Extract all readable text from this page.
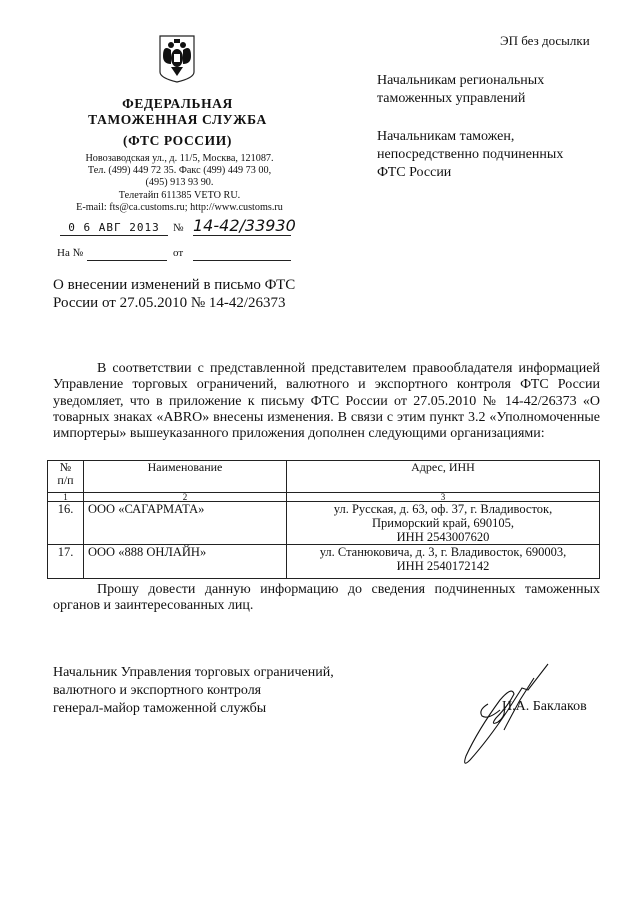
ФЕДЕРАЛЬНАЯ
ТАМОЖЕННАЯ СЛУЖБА
(ФТС РОССИИ)
Новозаводская ул., д. 11/5, Москва, 121087.
Тел. (499) 449 72 35. Факс (499) 449 73 00,
(495) 913 93 90.
Телетайп 611385 VETO RU.
E-mail: fts@ca.customs.ru; http://www.customs.ru
0 6 АВГ 2013	№ 14-42/33930
На №	от
ЭП без досылки
Начальникам региональных
таможенных управлений
Начальникам таможен,
непосредственно подчиненных
ФТС России
О внесении изменений в письмо ФТС
России от 27.05.2010 № 14-42/26373
В соответствии с представленной представителем правообладателя информацией Управление торговых ограничений, валютного и экспортного контроля ФТС России уведомляет, что в приложение к письму ФТС России от 27.05.2010 № 14-42/26373 «О товарных знаках «ABRO» внесены изменения. В связи с этим пункт 3.2 «Уполномоченные импортеры» вышеуказанного приложения дополнен следующими организациями:
№
п/п	Наименование	Адрес, ИНН
1	2	3
16.	ООО «САГАРМАТА»	ул. Русская, д. 63, оф. 37, г. Владивосток,
Приморский край, 690105,
ИНН 2543007620

17.	ООО «888 ОНЛАЙН»	ул. Станюковича, д. 3, г. Владивосток, 690003,
ИНН 2540172142
Прошу довести данную информацию до сведения подчиненных таможенных органов и заинтересованных лиц.
Начальник Управления торговых ограничений,
валютного и экспортного контроля
генерал-майор таможенной службы	И.А. Баклаков
